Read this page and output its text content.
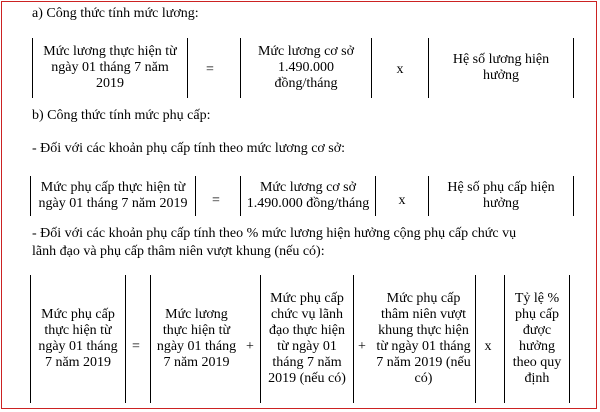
a) Công thức tính mức lương:
Mức lương thực hiện từ ngày 01 tháng 7 năm 2019
=
Mức lương cơ sở 1.490.000 đồng/tháng
x
Hệ số lương hiện hưởng
b) Công thức tính mức phụ cấp:
- Đối với các khoản phụ cấp tính theo mức lương cơ sở:
Mức phụ cấp thực hiện từ
ngày 01 tháng 7 năm 2019	=
Mức lương cơ sở
1.490.000 đồng/tháng	x
Hệ số phụ cấp hiện hưởng
- Đối với các khoản phụ cấp tính theo % mức lương hiện hưởng cộng phụ cấp chức vụ
lãnh đạo và phụ cấp thâm niên vượt khung (nếu có):
Mức phụ cấp thực hiện từ ngày 01 tháng 7 năm 2019
=
Mức lương thực hiện từ ngày 01 tháng 7 năm 2019
+
Mức phụ cấp chức vụ lãnh đạo thực hiện từ ngày 01 tháng 7 năm 2019 (nếu có)
+
Mức phụ cấp thâm niên vượt khung thực hiện từ ngày 01 tháng 7 năm 2019 (nếu có)
x
Tỷ lệ % phụ cấp được hưởng theo quy định
